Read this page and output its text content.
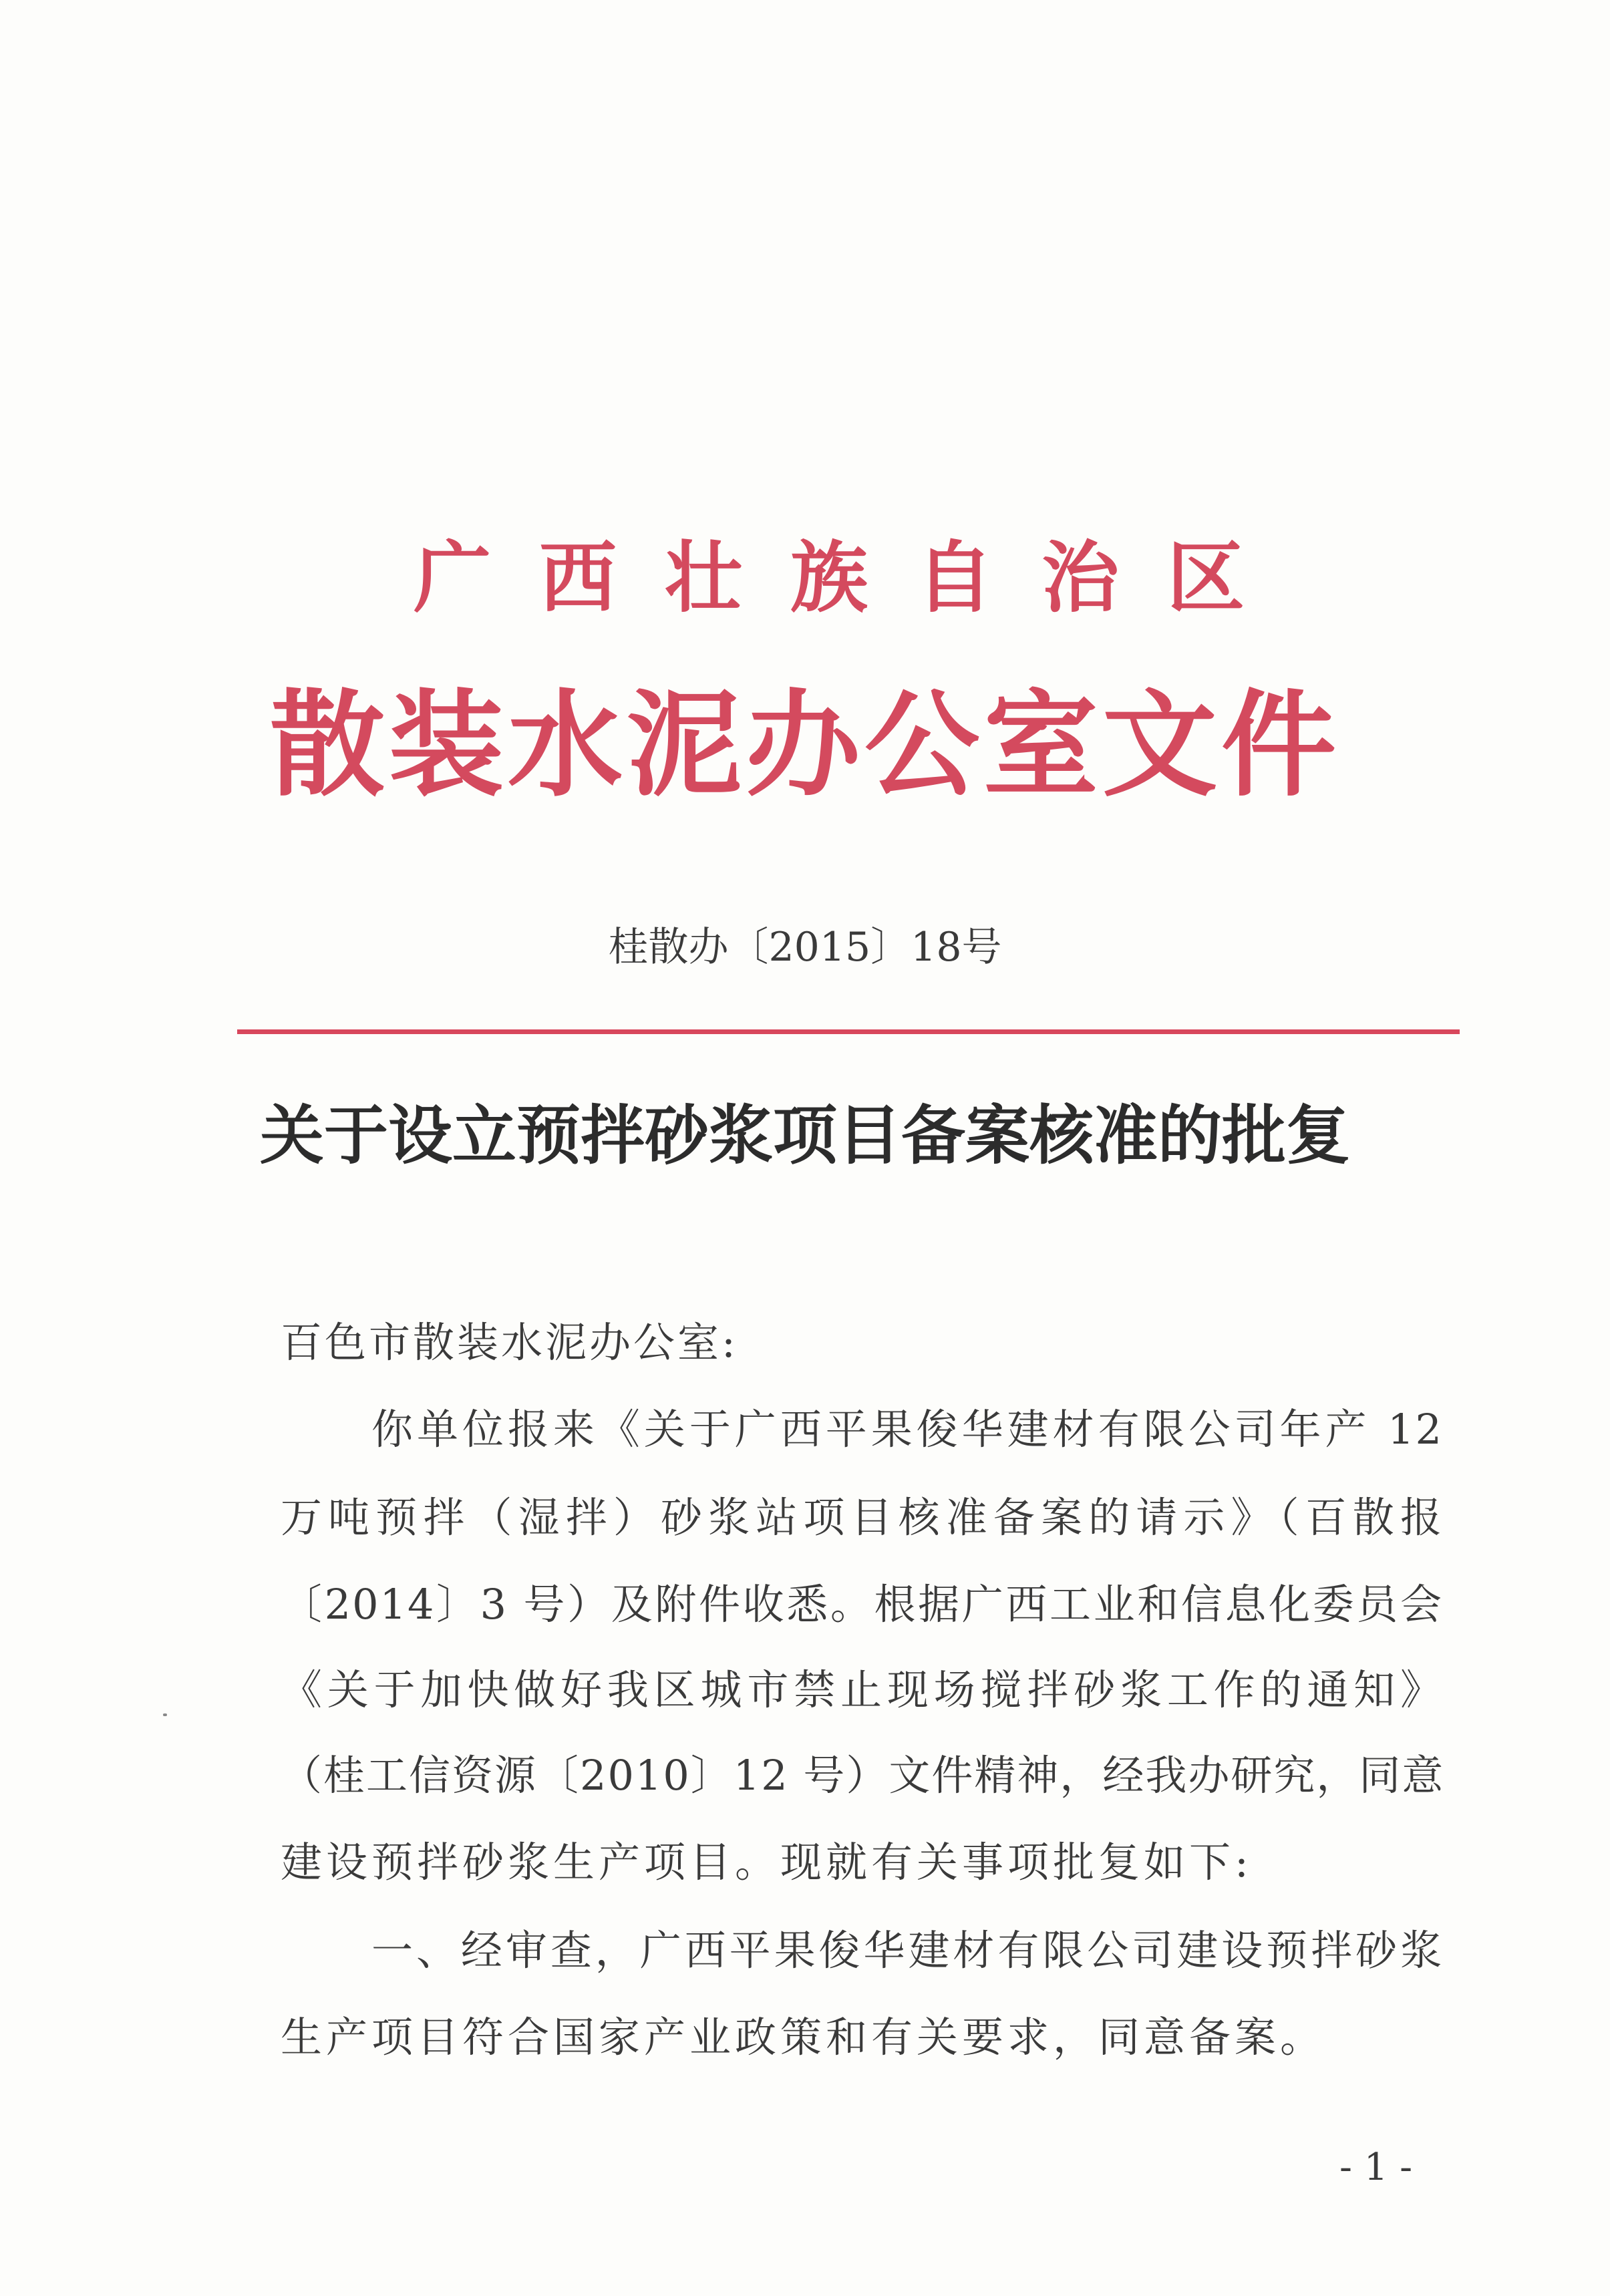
广西壮族自治区
散装水泥办公室文件
桂散办〔2015〕18号
关于设立预拌砂浆项目备案核准的批复
百色市散装水泥办公室:
你单位报来《关于广西平果俊华建材有限公司年产 12
万吨预拌（湿拌）砂浆站项目核准备案的请示》（百散报
〔2014〕3 号）及附件收悉。根据广西工业和信息化委员会
《关于加快做好我区城市禁止现场搅拌砂浆工作的通知》
（桂工信资源〔2010〕12 号）文件精神，经我办研究，同意
建设预拌砂浆生产项目。现就有关事项批复如下:
一、经审查，广西平果俊华建材有限公司建设预拌砂浆
生产项目符合国家产业政策和有关要求，同意备案。
- 1 -
